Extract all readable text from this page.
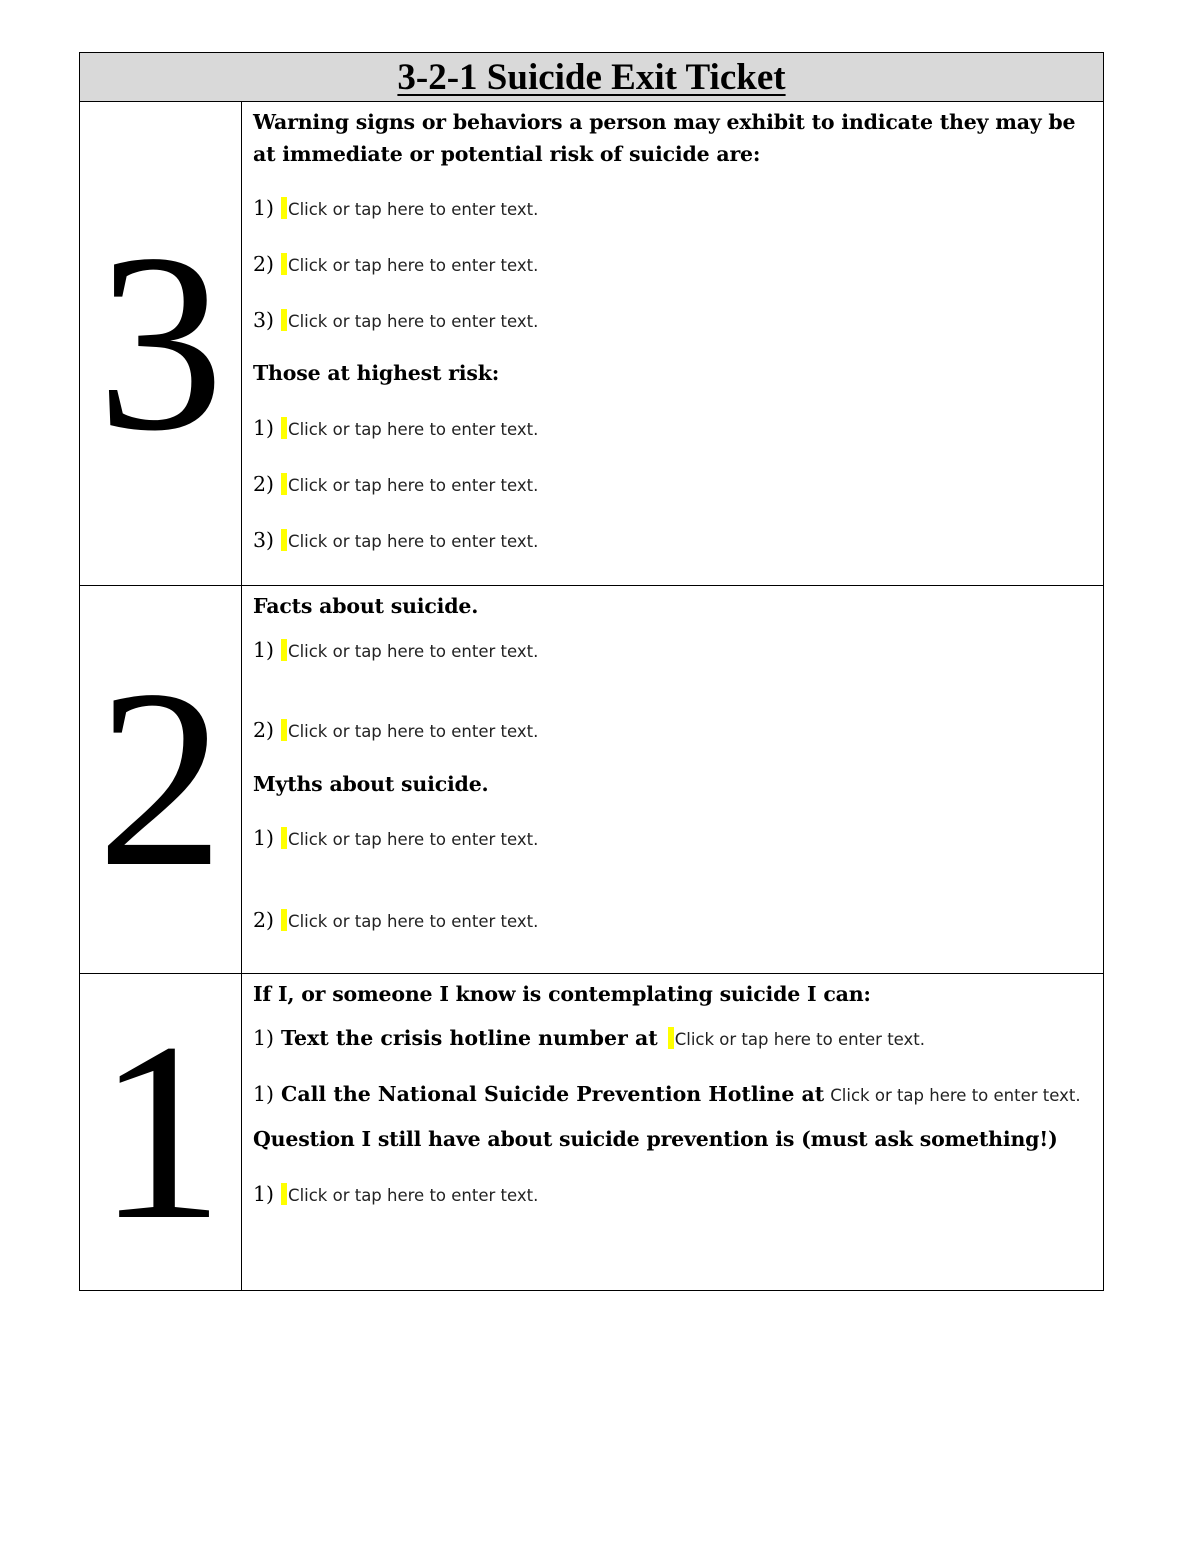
3-2-1 Suicide Exit Ticket
3

Warning signs or behaviors a person may exhibit to indicate they may be at immediate or potential risk of suicide are:

1) Click or tap here to enter text.
2) Click or tap here to enter text.
3) Click or tap here to enter text.

Those at highest risk:

1) Click or tap here to enter text.
2) Click or tap here to enter text.
3) Click or tap here to enter text.
2

Facts about suicide.

1) Click or tap here to enter text.
2) Click or tap here to enter text.

Myths about suicide.

1) Click or tap here to enter text.
2) Click or tap here to enter text.
1 If I, or someone I know is contemplating suicide I can:

1) Text the crisis hotline number at Click or tap here to enter text.
1) Call the National Suicide Prevention Hotline at Click or tap here to enter text.

Question I still have about suicide prevention is (must ask something!)

1) Click or tap here to enter text.
